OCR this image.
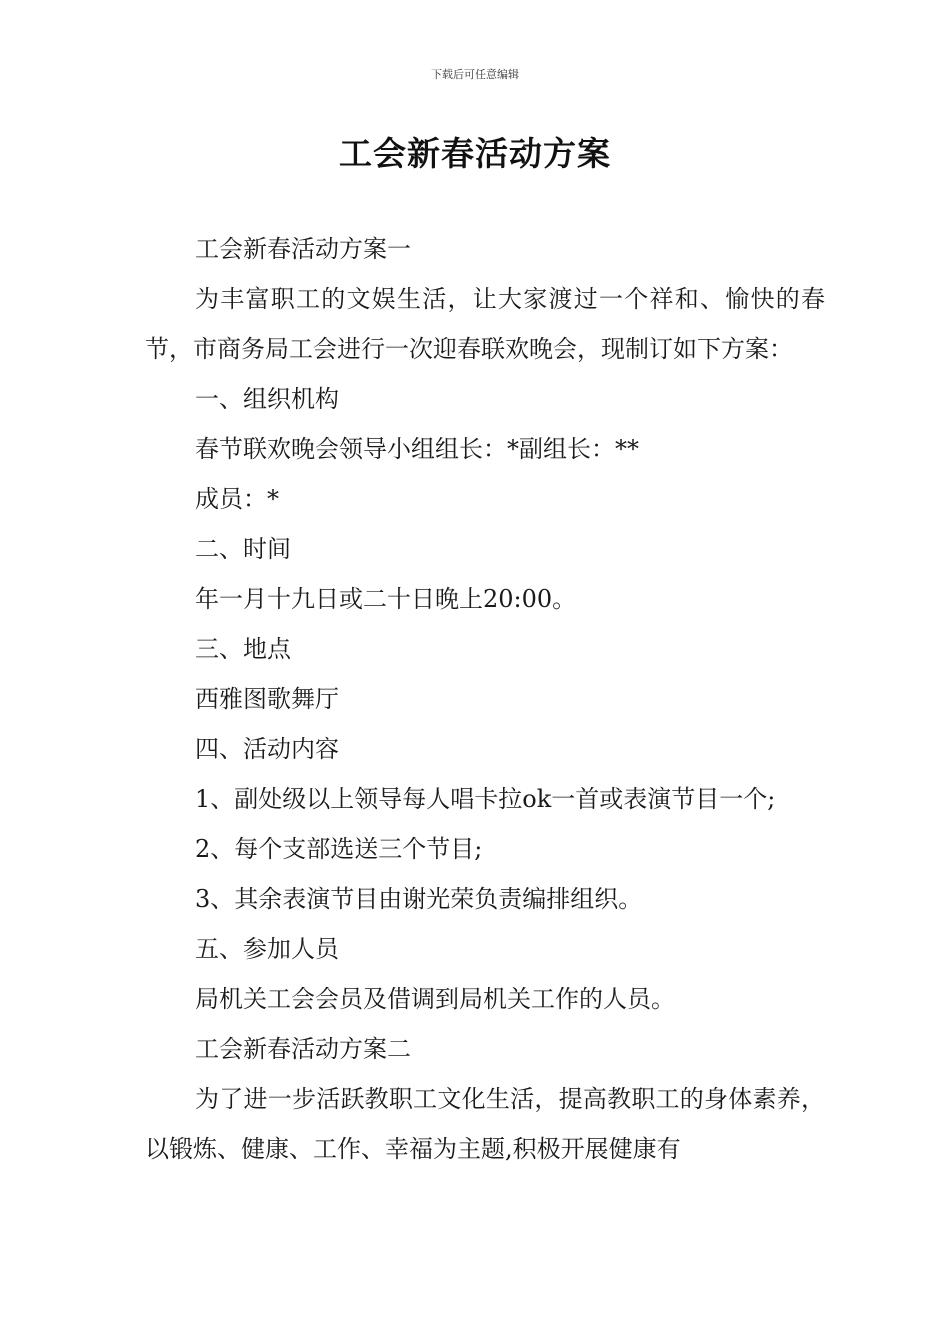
下载后可任意编辑
工会新春活动方案

工会新春活动方案一

为丰富职工的文娱生活，让大家渡过一个祥和、愉快的春节，市商务局工会进行一次迎春联欢晚会，现制订如下方案：

一、组织机构

春节联欢晚会领导小组组长：*副组长：**

成员：*

二、时间

年一月十九日或二十日晚上20:00。

三、地点

西雅图歌舞厅

四、活动内容

1、副处级以上领导每人唱卡拉ok一首或表演节目一个;

2、每个支部选送三个节目;

3、其余表演节目由谢光荣负责编排组织。

五、参加人员

局机关工会会员及借调到局机关工作的人员。

工会新春活动方案二

为了进一步活跃教职工文化生活，提高教职工的身体素养，以锻炼、健康、工作、幸福为主题,积极开展健康有
